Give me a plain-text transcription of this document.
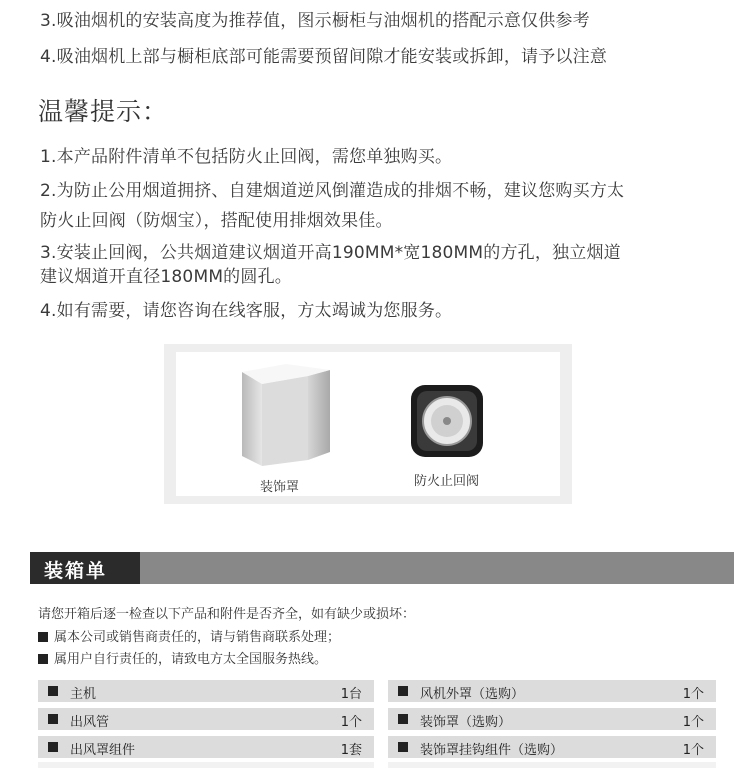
3.吸油烟机的安装高度为推荐值，图示橱柜与油烟机的搭配示意仅供参考
4.吸油烟机上部与橱柜底部可能需要预留间隙才能安装或拆卸，请予以注意
温馨提示：
1.本产品附件清单不包括防火止回阀，需您单独购买。
2.为防止公用烟道拥挤、自建烟道逆风倒灌造成的排烟不畅，建议您购买方太
防火止回阀（防烟宝），搭配使用排烟效果佳。
3.安装止回阀，公共烟道建议烟道开高190MM*宽180MM的方孔，独立烟道
建议烟道开直径180MM的圆孔。
4.如有需要，请您咨询在线客服，方太竭诚为您服务。
装饰罩	防火止回阀
装箱单
请您开箱后逐一检查以下产品和附件是否齐全，如有缺少或损坏：
属本公司或销售商责任的，请与销售商联系处理；
属用户自行责任的，请致电方太全国服务热线。
主机	1台
出风管	1个
出风罩组件	1套
风机外罩（选购）	1个
装饰罩（选购）	1个
装饰罩挂钩组件（选购）	1个
